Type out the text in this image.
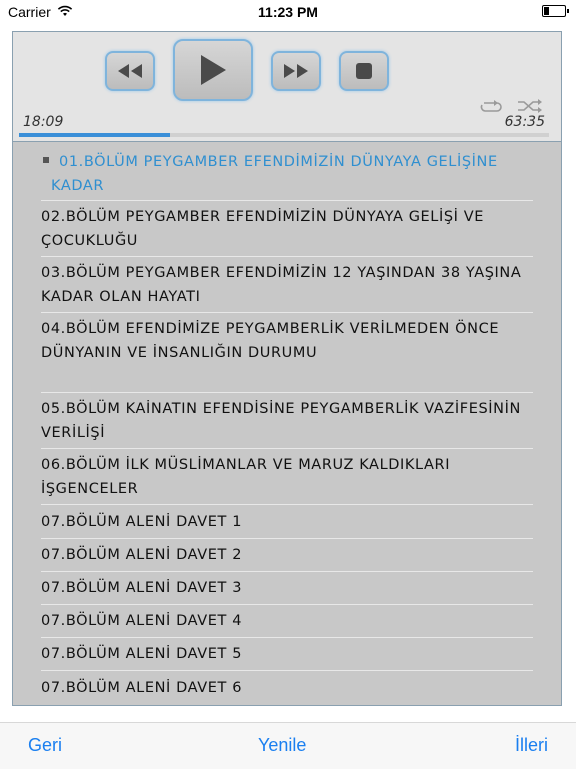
Carrier	11:23 PM
18:09	63:35
01.BÖLÜM PEYGAMBER EFENDİMİZİN DÜNYAYA GELİŞİNE KADAR
02.BÖLÜM PEYGAMBER EFENDİMİZİN DÜNYAYA GELİŞİ VE ÇOCUKLUĞU
03.BÖLÜM PEYGAMBER EFENDİMİZİN 12 YAŞINDAN 38 YAŞINA KADAR OLAN HAYATI
04.BÖLÜM EFENDİMİZE PEYGAMBERLİK VERİLMEDEN ÖNCE DÜNYANIN VE İNSANLIĞIN DURUMU
05.BÖLÜM KAİNATIN EFENDİSİNE PEYGAMBERLİK VAZİFESİNİN VERİLİŞİ
06.BÖLÜM İLK MÜSLİMANLAR VE MARUZ KALDIKLARI İŞGENCELER
07.BÖLÜM ALENİ DAVET 1
07.BÖLÜM ALENİ DAVET 2
07.BÖLÜM ALENİ DAVET 3
07.BÖLÜM ALENİ DAVET 4
07.BÖLÜM ALENİ DAVET 5
07.BÖLÜM ALENİ DAVET 6
Geri	Yenile	İlleri
